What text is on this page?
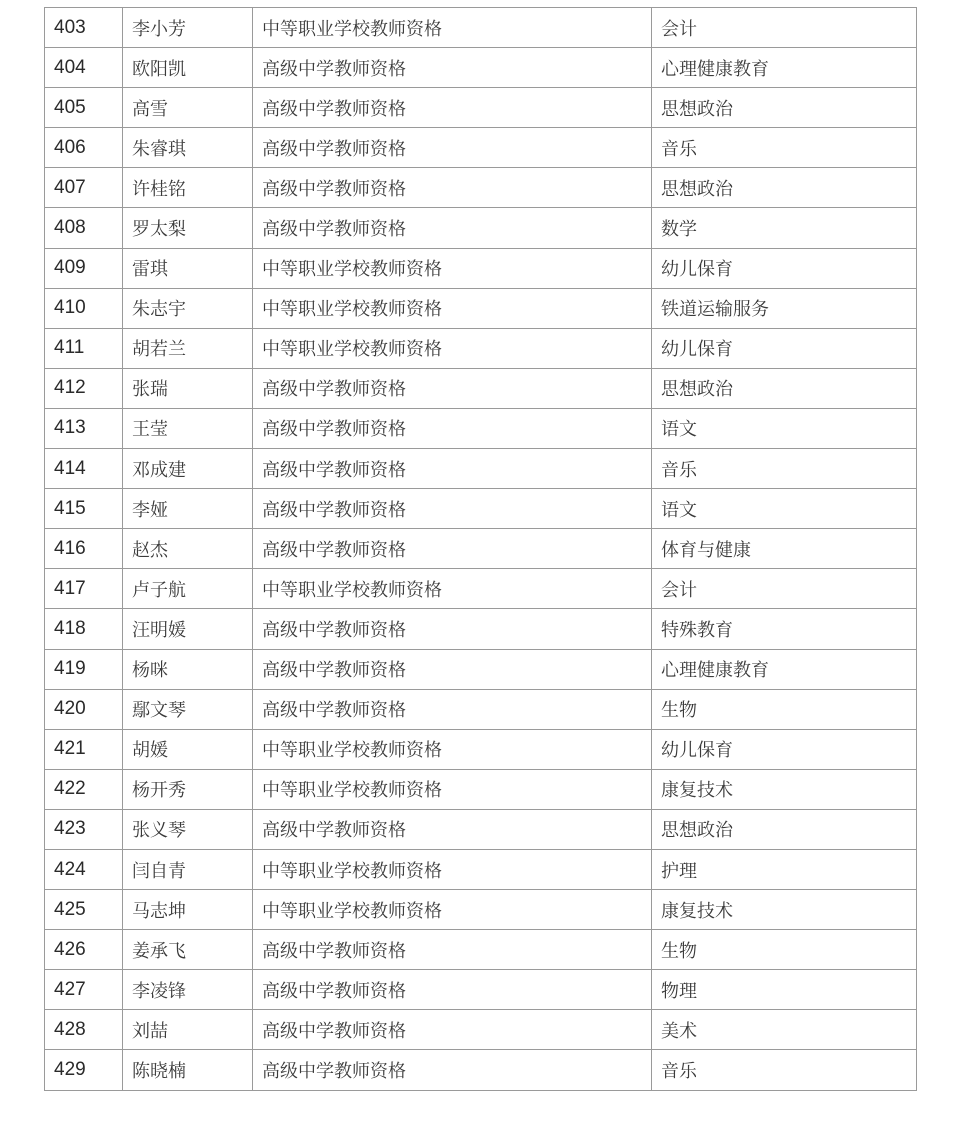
403	李小芳	中等职业学校教师资格	会计
404	欧阳凯	高级中学教师资格	心理健康教育
405	高雪	高级中学教师资格	思想政治
406	朱睿琪	高级中学教师资格	音乐
407	许桂铭	高级中学教师资格	思想政治
408	罗太梨	高级中学教师资格	数学
409	雷琪	中等职业学校教师资格	幼儿保育
410	朱志宇	中等职业学校教师资格	铁道运输服务
411	胡若兰	中等职业学校教师资格	幼儿保育
412	张瑞	高级中学教师资格	思想政治
413	王莹	高级中学教师资格	语文
414	邓成建	高级中学教师资格	音乐
415	李娅	高级中学教师资格	语文
416	赵杰	高级中学教师资格	体育与健康
417	卢子航	中等职业学校教师资格	会计
418	汪明媛	高级中学教师资格	特殊教育
419	杨咪	高级中学教师资格	心理健康教育
420	鄢文琴	高级中学教师资格	生物
421	胡媛	中等职业学校教师资格	幼儿保育
422	杨开秀	中等职业学校教师资格	康复技术
423	张义琴	高级中学教师资格	思想政治
424	闫自青	中等职业学校教师资格	护理
425	马志坤	中等职业学校教师资格	康复技术
426	姜承飞	高级中学教师资格	生物
427	李凌锋	高级中学教师资格	物理
428	刘喆	高级中学教师资格	美术
429	陈晓楠	高级中学教师资格	音乐
